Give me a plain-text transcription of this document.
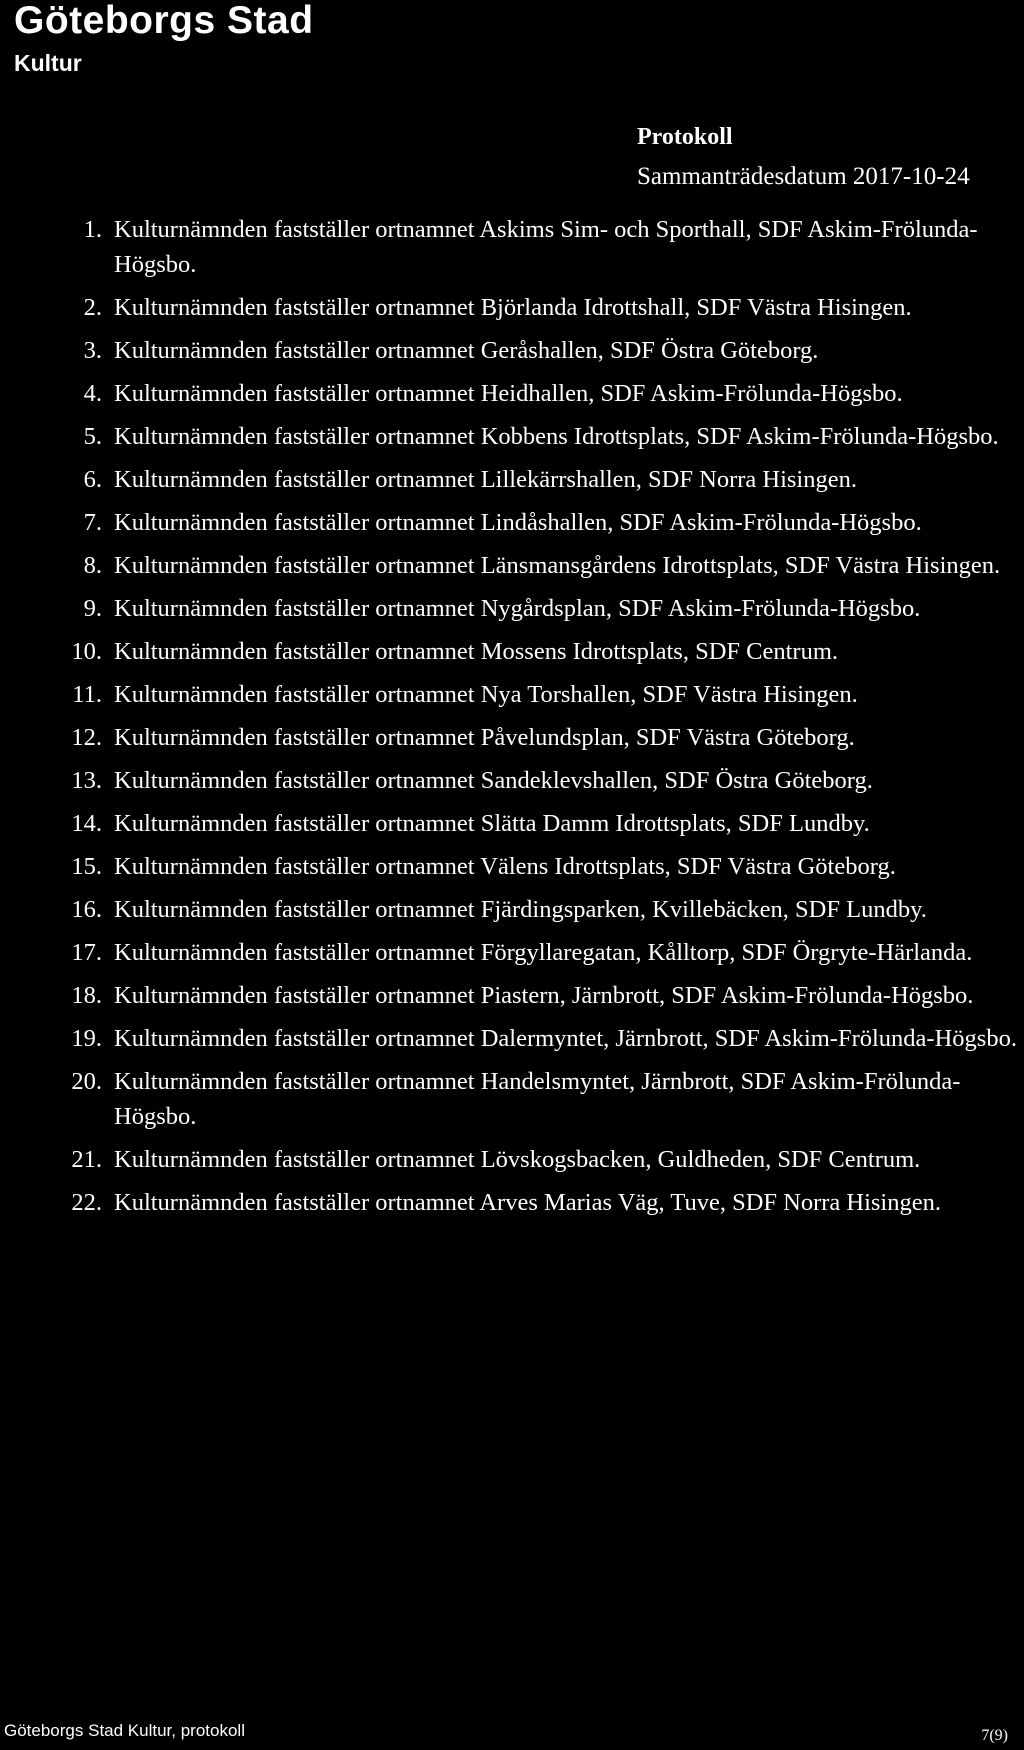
Göteborgs Stad
Kultur
Protokoll
Sammanträdesdatum 2017-10-24
1. Kulturnämnden fastställer ortnamnet Askims Sim- och Sporthall, SDF Askim-Frölunda-Högsbo.
2. Kulturnämnden fastställer ortnamnet Björlanda Idrottshall, SDF Västra Hisingen.
3. Kulturnämnden fastställer ortnamnet Geråshallen, SDF Östra Göteborg.
4. Kulturnämnden fastställer ortnamnet Heidhallen, SDF Askim-Frölunda-Högsbo.
5. Kulturnämnden fastställer ortnamnet Kobbens Idrottsplats, SDF Askim-Frölunda-Högsbo.
6. Kulturnämnden fastställer ortnamnet Lillekärrshallen, SDF Norra Hisingen.
7. Kulturnämnden fastställer ortnamnet Lindåshallen, SDF Askim-Frölunda-Högsbo.
8. Kulturnämnden fastställer ortnamnet Länsmansgårdens Idrottsplats, SDF Västra Hisingen.
9. Kulturnämnden fastställer ortnamnet Nygårdsplan, SDF Askim-Frölunda-Högsbo.
10. Kulturnämnden fastställer ortnamnet Mossens Idrottsplats, SDF Centrum.
11. Kulturnämnden fastställer ortnamnet Nya Torshallen, SDF Västra Hisingen.
12. Kulturnämnden fastställer ortnamnet Påvelundsplan, SDF Västra Göteborg.
13. Kulturnämnden fastställer ortnamnet Sandeklevshallen, SDF Östra Göteborg.
14. Kulturnämnden fastställer ortnamnet Slätta Damm Idrottsplats, SDF Lundby.
15. Kulturnämnden fastställer ortnamnet Välens Idrottsplats, SDF Västra Göteborg.
16. Kulturnämnden fastställer ortnamnet Fjärdingsparken, Kvillebäcken, SDF Lundby.
17. Kulturnämnden fastställer ortnamnet Förgyllaregatan, Kålltorp, SDF Örgryte-Härlanda.
18. Kulturnämnden fastställer ortnamnet Piastern, Järnbrott, SDF Askim-Frölunda-Högsbo.
19. Kulturnämnden fastställer ortnamnet Dalermyntet, Järnbrott, SDF Askim-Frölunda-Högsbo.
20. Kulturnämnden fastställer ortnamnet Handelsmyntet, Järnbrott, SDF Askim-Frölunda-Högsbo.
21. Kulturnämnden fastställer ortnamnet Lövskogsbacken, Guldheden, SDF Centrum.
22. Kulturnämnden fastställer ortnamnet Arves Marias Väg, Tuve, SDF Norra Hisingen.
Göteborgs Stad Kultur, protokoll	7(9)
